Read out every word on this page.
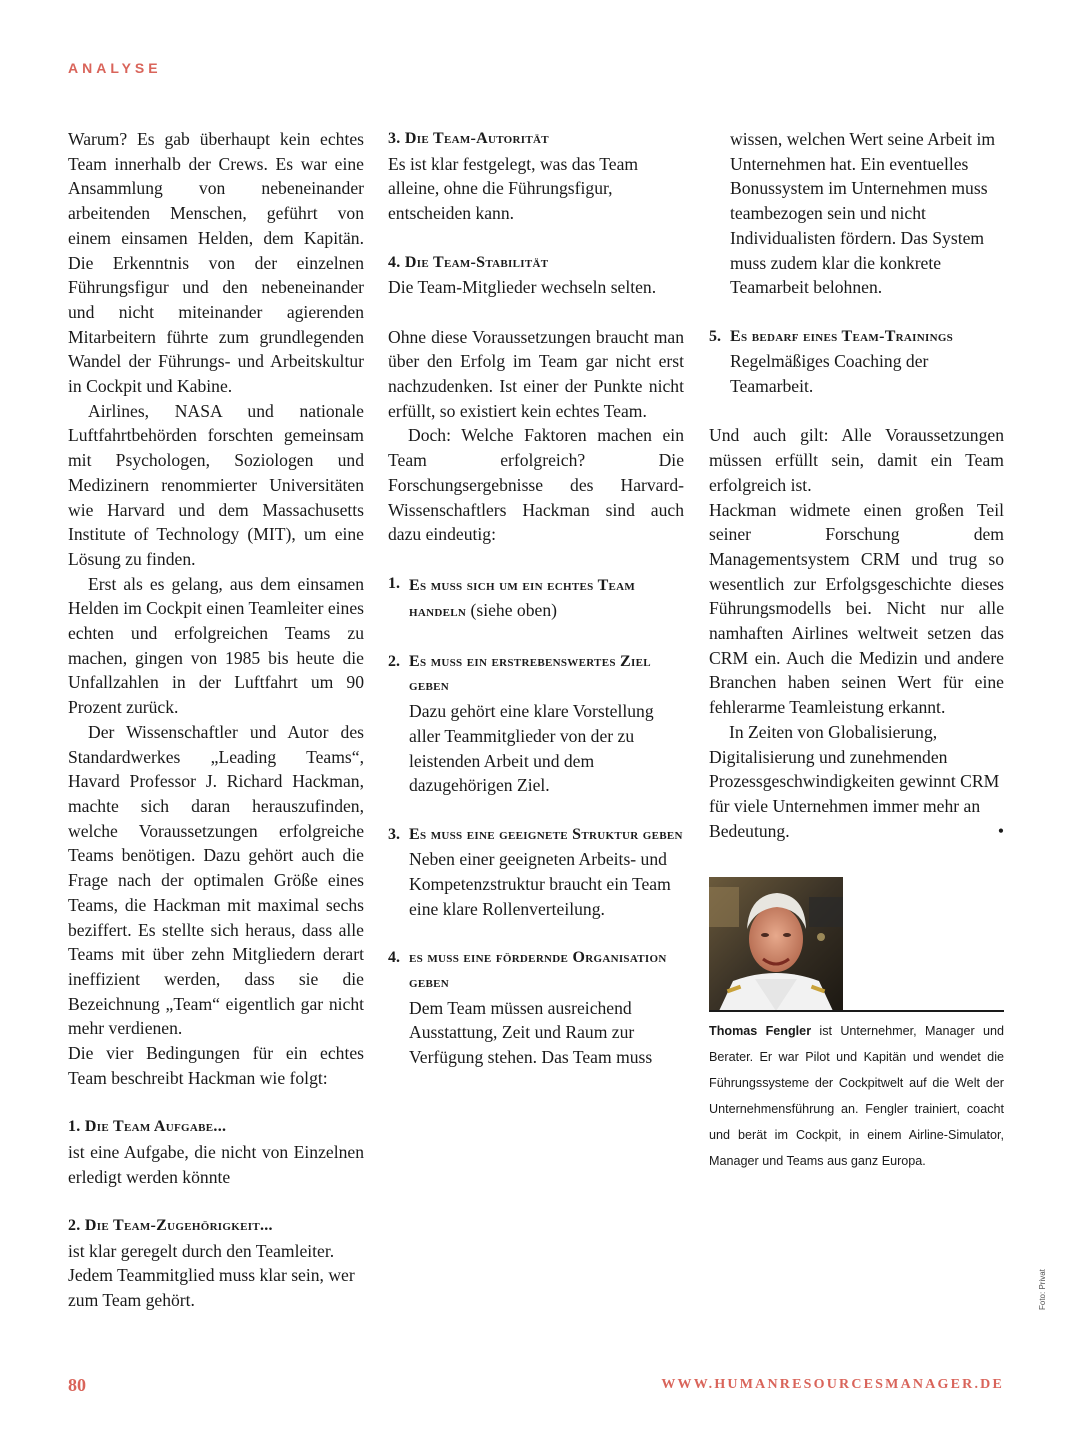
ANALYSE

Warum? Es gab überhaupt kein echtes Team innerhalb der Crews. Es war eine Ansammlung von nebeneinander arbeitenden Menschen, geführt von einem einsamen Helden, dem Kapitän. Die Erkenntnis von der einzelnen Führungsfigur und den nebeneinander und nicht miteinander agierenden Mitarbeitern führte zum grundlegenden Wandel der Führungs- und Arbeitskultur in Cockpit und Kabine.

Airlines, NASA und nationale Luftfahrtbehörden forschten gemeinsam mit Psychologen, Soziologen und Medizinern renommierter Universitäten wie Harvard und dem Massachusetts Institute of Technology (MIT), um eine Lösung zu finden.

Erst als es gelang, aus dem einsamen Helden im Cockpit einen Teamleiter eines echten und erfolgreichen Teams zu machen, gingen von 1985 bis heute die Unfallzahlen in der Luftfahrt um 90 Prozent zurück.

Der Wissenschaftler und Autor des Standardwerkes „Leading Teams“, Havard Professor J. Richard Hackman, machte sich daran herauszufinden, welche Voraussetzungen erfolgreiche Teams benötigen. Dazu gehört auch die Frage nach der optimalen Größe eines Teams, die Hackman mit maximal sechs beziffert. Es stellte sich heraus, dass alle Teams mit über zehn Mitgliedern derart ineffizient werden, dass sie die Bezeichnung „Team“ eigentlich gar nicht mehr verdienen.

Die vier Bedingungen für ein echtes Team beschreibt Hackman wie folgt:

1. Die Team Aufgabe...

ist eine Aufgabe, die nicht von Einzelnen erledigt werden könnte

2. Die Team-Zugehörigkeit...

ist klar geregelt durch den Teamleiter. Jedem Teammitglied muss klar sein, wer zum Team gehört.

3. Die Team-Autorität

Es ist klar festgelegt, was das Team alleine, ohne die Führungsfigur, entscheiden kann.

4. Die Team-Stabilität

Die Team-Mitglieder wechseln selten.

Ohne diese Voraussetzungen braucht man über den Erfolg im Team gar nicht erst nachzudenken. Ist einer der Punkte nicht erfüllt, so existiert kein echtes Team.

Doch: Welche Faktoren machen ein Team erfolgreich? Die Forschungsergebnisse des Harvard-Wissenschaftlers Hackman sind auch dazu eindeutig:

1. Es muss sich um ein echtes Team handeln (siehe oben)
2. Es muss ein erstrebenswertes Ziel geben

Dazu gehört eine klare Vorstellung aller Teammitglieder von der zu leistenden Arbeit und dem dazugehörigen Ziel.

3. Es muss eine geeignete Struktur geben

Neben einer geeigneten Arbeits- und Kompetenzstruktur braucht ein Team eine klare Rollenverteilung.

4. es muss eine fördernde Organisation geben

Dem Team müssen ausreichend Ausstattung, Zeit und Raum zur Verfügung stehen. Das Team muss

wissen, welchen Wert seine Arbeit im Unternehmen hat. Ein eventuelles Bonussystem im Unternehmen muss teambezogen sein und nicht Individualisten fördern. Das System muss zudem klar die konkrete Teamarbeit belohnen.

5. Es bedarf eines Team-Trainings

Regelmäßiges Coaching der Teamarbeit.

Und auch gilt: Alle Voraussetzungen müssen erfüllt sein, damit ein Team erfolgreich ist.

Hackman widmete einen großen Teil seiner Forschung dem Managementsystem CRM und trug so wesentlich zur Erfolgsgeschichte dieses Führungsmodells bei. Nicht nur alle namhaften Airlines weltweit setzen das CRM ein. Auch die Medizin und andere Branchen haben seinen Wert für eine fehlerarme Teamleistung erkannt.

In Zeiten von Globalisierung, Digitalisierung und zunehmenden Prozessgeschwindigkeiten gewinnt CRM für viele Unternehmen immer mehr an Bedeutung.	•

Thomas Fengler ist Unternehmer, Manager und Berater. Er war Pilot und Kapitän und wendet die Führungssysteme der Cockpitwelt auf die Welt der Unternehmensführung an. Fengler trainiert, coacht und berät im Cockpit, in einem Airline-Simulator, Manager und Teams aus ganz Europa.
Foto: Privat
80	WWW.HUMANRESOURCESMANAGER.DE
